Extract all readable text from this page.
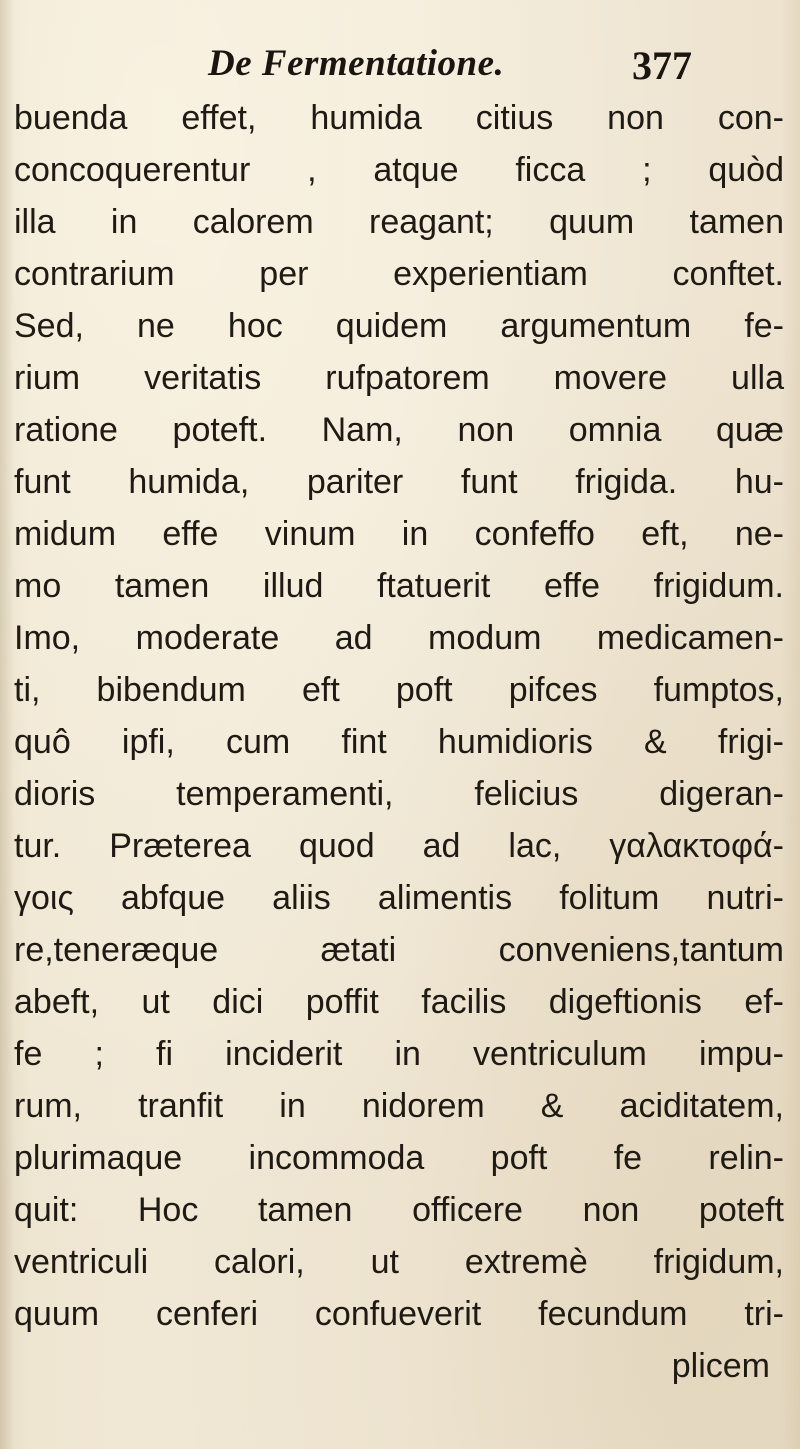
De Fermentatione.	377
buenda effet, humida citius non con-
concoquerentur , atque ficca ; quòd
illa in calorem reagant; quum tamen
contrarium per experientiam conftet.
Sed, ne hoc quidem argumentum fe-
rium veritatis rufpatorem movere ulla
ratione poteft. Nam, non omnia quæ
funt humida, pariter funt frigida. hu-
midum effe vinum in confeffo eft, ne-
mo tamen illud ftatuerit effe frigidum.
Imo, moderate ad modum medicamen-
ti, bibendum eft poft pifces fumptos,
quô ipfi, cum fint humidioris & frigi-
dioris temperamenti, felicius digeran-
tur. Præterea quod ad lac, γαλακτοφά-
γοις abfque aliis alimentis folitum nutri-
re,teneræque ætati conveniens,tantum
abeft, ut dici poffit facilis digeftionis ef-
fe ; fi inciderit in ventriculum impu-
rum, tranfit in nidorem & aciditatem,
plurimaque incommoda poft fe relin-
quit: Hoc tamen officere non poteft
ventriculi calori, ut extremè frigidum,
quum cenferi confueverit fecundum tri-
plicem
